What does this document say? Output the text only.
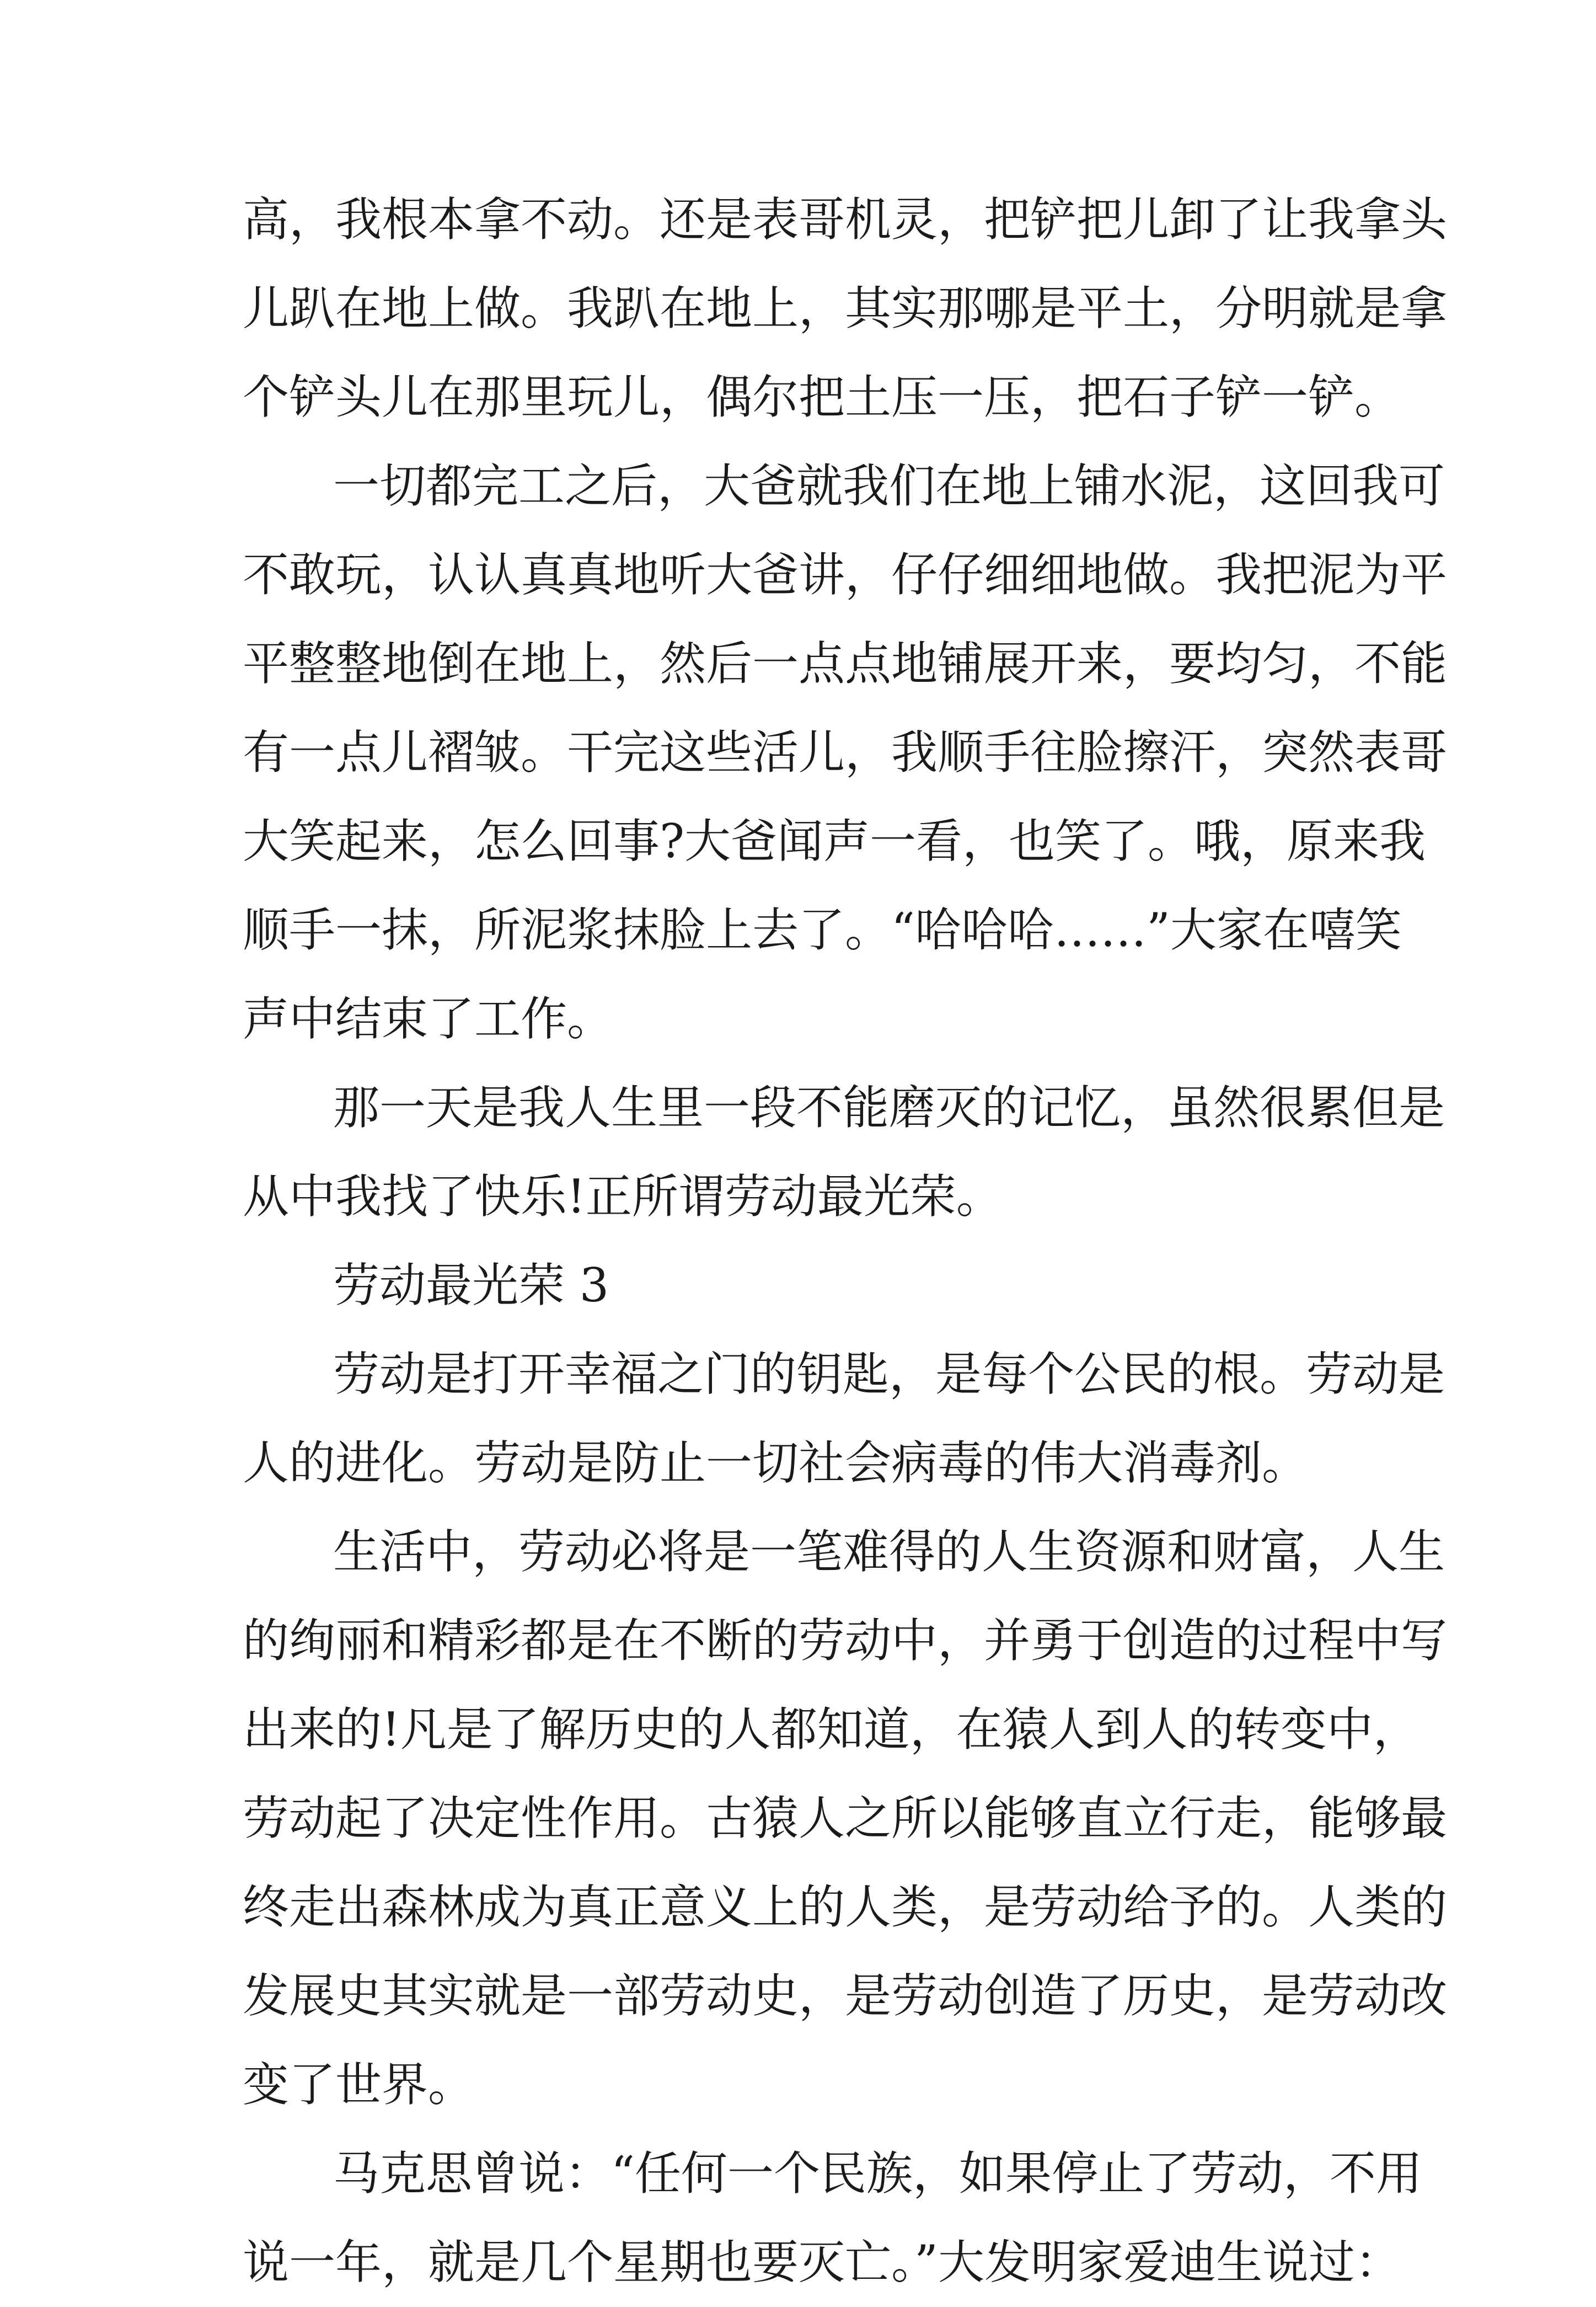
高，我根本拿不动。还是表哥机灵，把铲把儿卸了让我拿头
儿趴在地上做。我趴在地上，其实那哪是平土，分明就是拿
个铲头儿在那里玩儿，偶尔把土压一压，把石子铲一铲。
一切都完工之后，大爸就我们在地上铺水泥，这回我可
不敢玩，认认真真地听大爸讲，仔仔细细地做。我把泥为平
平整整地倒在地上，然后一点点地铺展开来，要均匀，不能
有一点儿褶皱。干完这些活儿，我顺手往脸擦汗，突然表哥
大笑起来，怎么回事?大爸闻声一看，也笑了。哦，原来我
顺手一抹，所泥浆抹脸上去了。“哈哈哈……”大家在嘻笑
声中结束了工作。
那一天是我人生里一段不能磨灭的记忆，虽然很累但是
从中我找了快乐!正所谓劳动最光荣。
劳动最光荣 3
劳动是打开幸福之门的钥匙，是每个公民的根。劳动是
人的进化。劳动是防止一切社会病毒的伟大消毒剂。
生活中，劳动必将是一笔难得的人生资源和财富，人生
的绚丽和精彩都是在不断的劳动中，并勇于创造的过程中写
出来的!凡是了解历史的人都知道，在猿人到人的转变中，
劳动起了决定性作用。古猿人之所以能够直立行走，能够最
终走出森林成为真正意义上的人类，是劳动给予的。人类的
发展史其实就是一部劳动史，是劳动创造了历史，是劳动改
变了世界。
马克思曾说：“任何一个民族，如果停止了劳动，不用
说一年，就是几个星期也要灭亡。”大发明家爱迪生说过：
